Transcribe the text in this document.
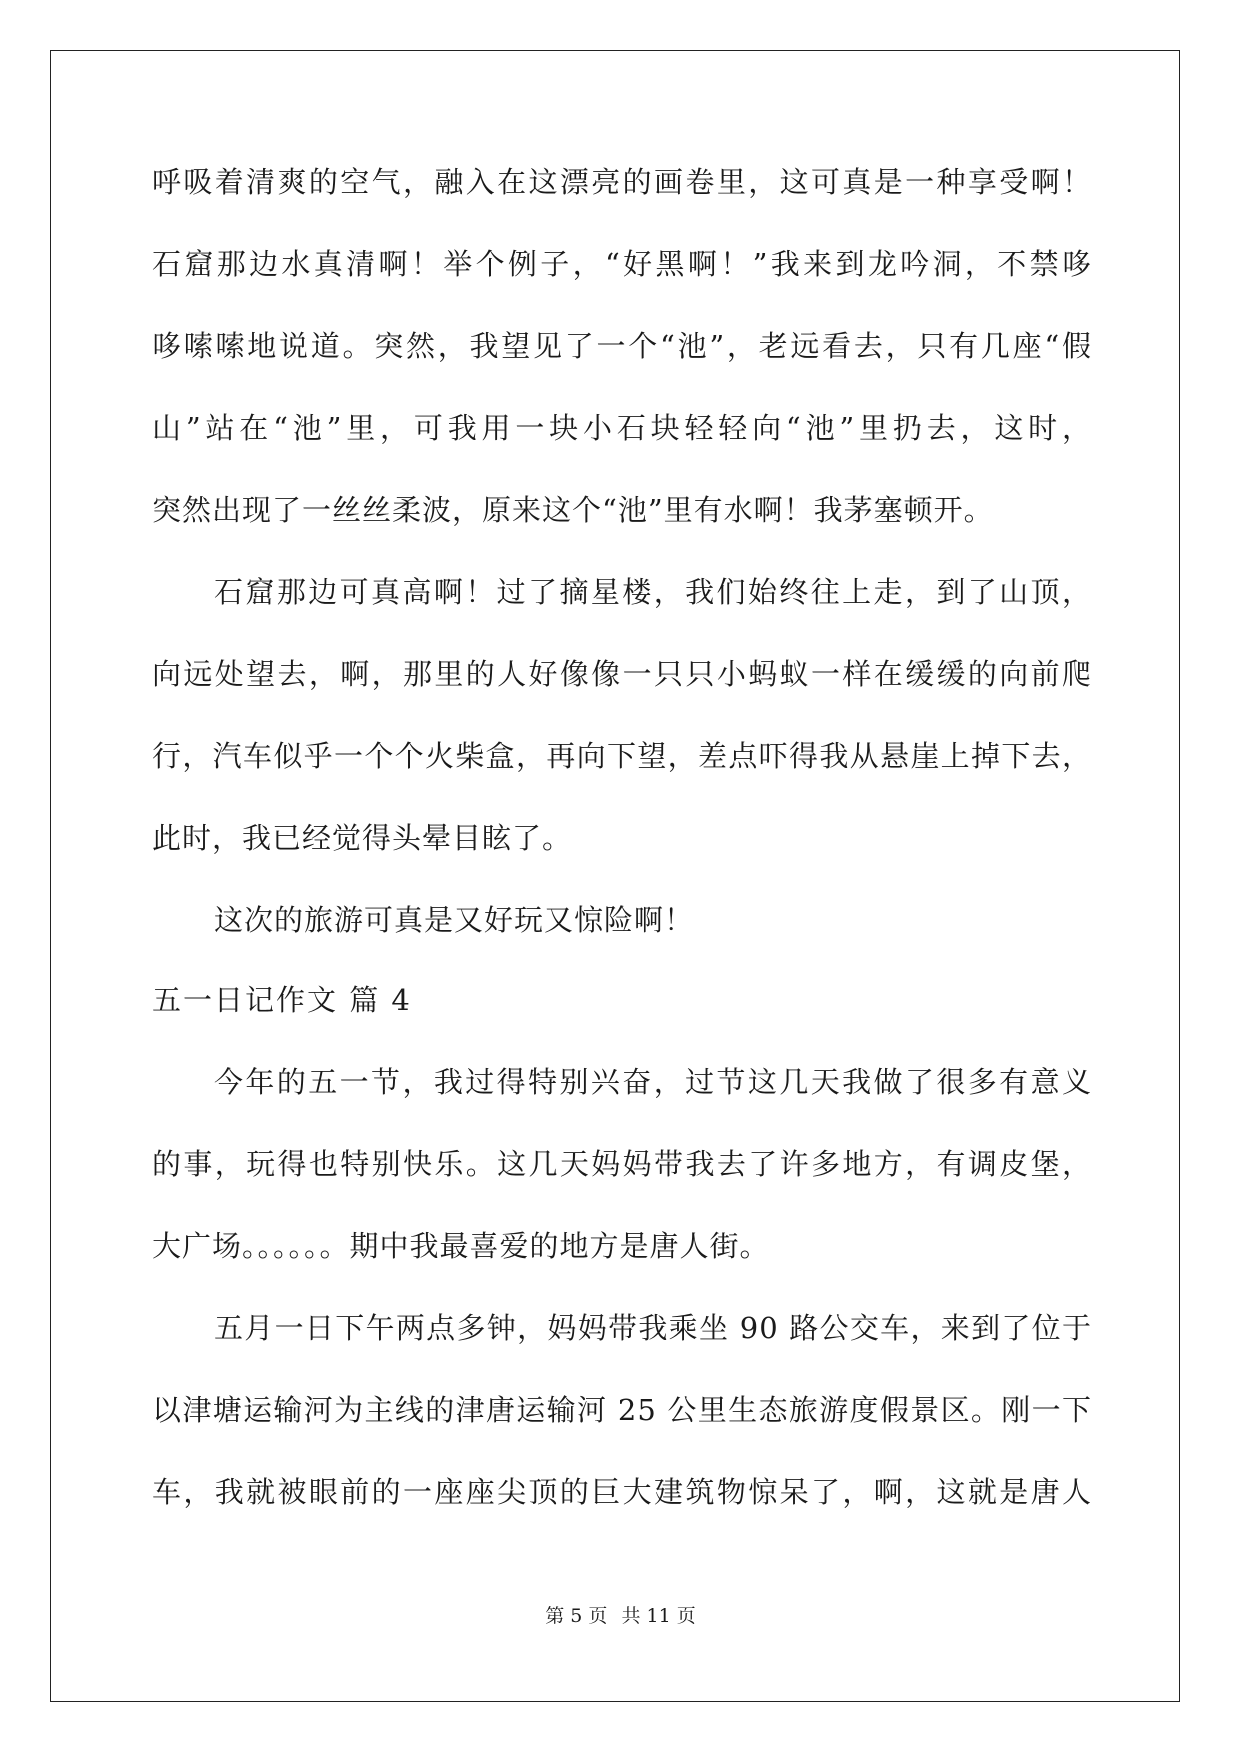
呼吸着清爽的空气，融入在这漂亮的画卷里，这可真是一种享受啊！
石窟那边水真清啊！举个例子，“好黑啊！”我来到龙吟洞，不禁哆
哆嗦嗦地说道。突然，我望见了一个“池”，老远看去，只有几座“假
山”站在“池”里，可我用一块小石块轻轻向“池”里扔去，这时，
突然出现了一丝丝柔波，原来这个“池”里有水啊！我茅塞顿开。
石窟那边可真高啊！过了摘星楼，我们始终往上走，到了山顶，
向远处望去，啊，那里的人好像像一只只小蚂蚁一样在缓缓的向前爬
行，汽车似乎一个个火柴盒，再向下望，差点吓得我从悬崖上掉下去，
此时，我已经觉得头晕目眩了。
这次的旅游可真是又好玩又惊险啊！
五一日记作文 篇 4
今年的五一节，我过得特别兴奋，过节这几天我做了很多有意义
的事，玩得也特别快乐。这几天妈妈带我去了许多地方，有调皮堡，
大广场。。。。。。期中我最喜爱的地方是唐人街。
五月一日下午两点多钟，妈妈带我乘坐 90 路公交车，来到了位于
以津塘运输河为主线的津唐运输河 25 公里生态旅游度假景区。刚一下
车，我就被眼前的一座座尖顶的巨大建筑物惊呆了，啊，这就是唐人
第 5 页 共 11 页
